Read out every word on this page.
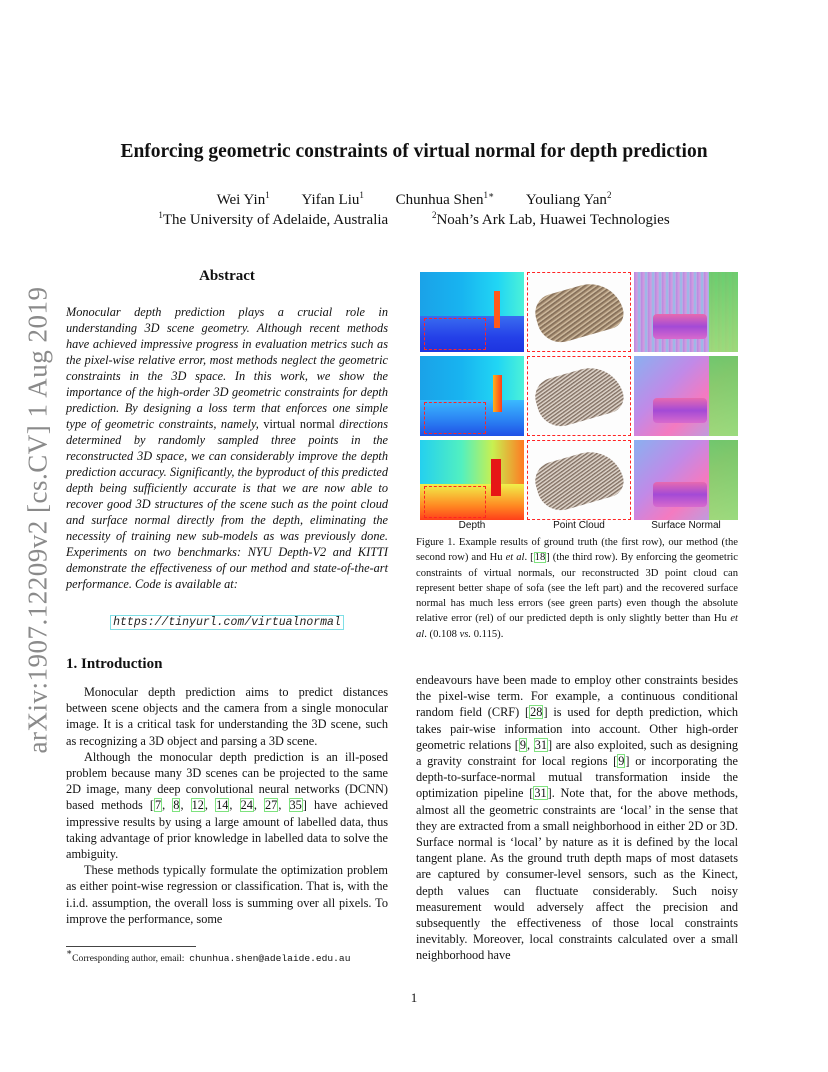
arXiv:1907.12209v2 [cs.CV] 1 Aug 2019
Enforcing geometric constraints of virtual normal for depth prediction
Wei Yin$^1$ Yifan Liu$^1$ Chunhua Shen$^{1∗}$ Youliang Yan$^2$
$^1$The University of Adelaide, Australia	$^2$Noah’s Ark Lab, Huawei Technologies
Abstract
Monocular depth prediction plays a crucial role in understanding 3D scene geometry. Although recent methods have achieved impressive progress in evaluation metrics such as the pixel-wise relative error, most methods neglect the geometric constraints in the 3D space. In this work, we show the importance of the high-order 3D geometric constraints for depth prediction. By designing a loss term that enforces one simple type of geometric constraints, namely, virtual normal directions determined by randomly sampled three points in the reconstructed 3D space, we can considerably improve the depth prediction accuracy. Significantly, the byproduct of this predicted depth being sufficiently accurate is that we are now able to recover good 3D structures of the scene such as the point cloud and surface normal directly from the depth, eliminating the necessity of training new sub-models as was previously done. Experiments on two benchmarks: NYU Depth-V2 and KITTI demonstrate the effectiveness of our method and state-of-the-art performance. Code is available at:
https://tinyurl.com/virtualnormal
1. Introduction

Monocular depth prediction aims to predict distances between scene objects and the camera from a single monocular image. It is a critical task for understanding the 3D scene, such as recognizing a 3D object and parsing a 3D scene.

Although the monocular depth prediction is an ill-posed problem because many 3D scenes can be projected to the same 2D image, many deep convolutional neural networks (DCNN) based methods [7, 8, 12, 14, 24, 27, 35] have achieved impressive results by using a large amount of labelled data, thus taking advantage of prior knowledge in labelled data to solve the ambiguity.

These methods typically formulate the optimization problem as either point-wise regression or classification. That is, with the i.i.d. assumption, the overall loss is summing over all pixels. To improve the performance, some

∗Corresponding author, email: chunhua.shen@adelaide.edu.au
Depth	Point Cloud	Surface Normal
Figure 1. Example results of ground truth (the first row), our method (the second row) and Hu et al. [18] (the third row). By enforcing the geometric constraints of virtual normals, our reconstructed 3D point cloud can represent better shape of sofa (see the left part) and the recovered surface normal has much less errors (see green parts) even though the absolute relative error (rel) of our predicted depth is only slightly better than Hu et al. (0.108 vs. 0.115).
endeavours have been made to employ other constraints besides the pixel-wise term. For example, a continuous conditional random field (CRF) [28] is used for depth prediction, which takes pair-wise information into account. Other high-order geometric relations [9, 31] are also exploited, such as designing a gravity constraint for local regions [9] or incorporating the depth-to-surface-normal mutual transformation inside the optimization pipeline [31]. Note that, for the above methods, almost all the geometric constraints are ‘local’ in the sense that they are extracted from a small neighborhood in either 2D or 3D. Surface normal is ‘local’ by nature as it is defined by the local tangent plane. As the ground truth depth maps of most datasets are captured by consumer-level sensors, such as the Kinect, depth values can fluctuate considerably. Such noisy measurement would adversely affect the precision and subsequently the effectiveness of those local constraints inevitably. Moreover, local constraints calculated over a small neighborhood have
1
